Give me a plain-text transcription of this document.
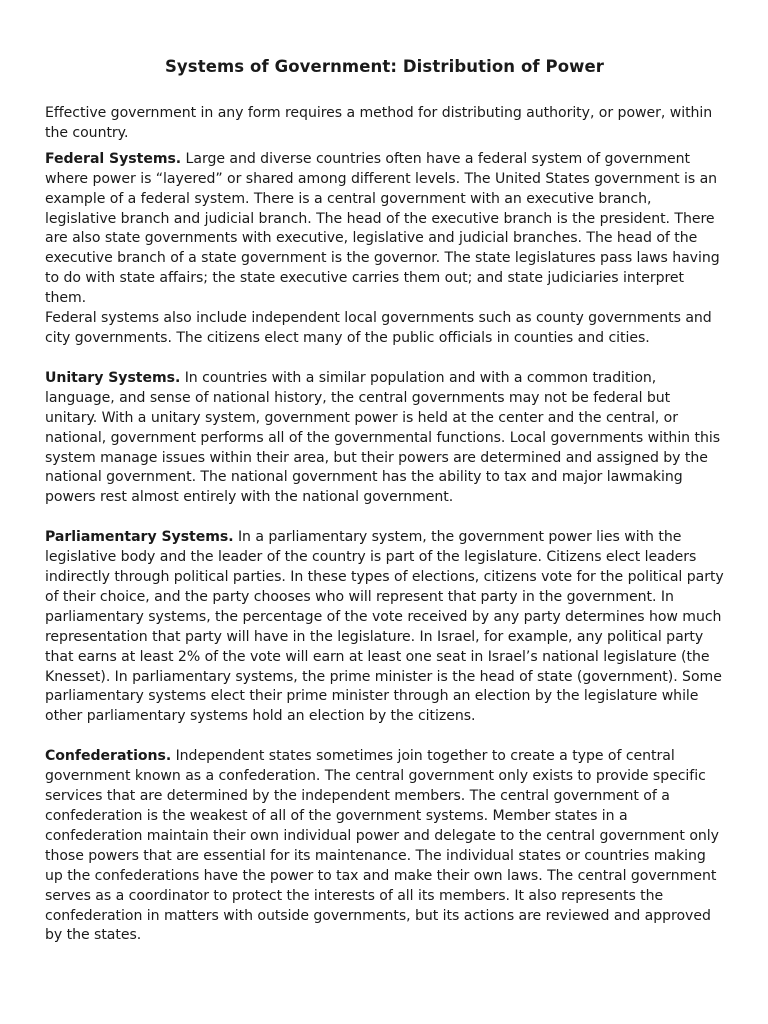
Systems of Government: Distribution of Power

Effective government in any form requires a method for distributing authority, or power, within the country.

Federal Systems. Large and diverse countries often have a federal system of government where power is “layered” or shared among different levels. The United States government is an example of a federal system. There is a central government with an executive branch, legislative branch and judicial branch. The head of the executive branch is the president. There are also state governments with executive, legislative and judicial branches. The head of the executive branch of a state government is the governor. The state legislatures pass laws having to do with state affairs; the state executive carries them out; and state judiciaries interpret them.

Federal systems also include independent local governments such as county governments and city governments. The citizens elect many of the public officials in counties and cities.

Unitary Systems. In countries with a similar population and with a common tradition, language, and sense of national history, the central governments may not be federal but unitary. With a unitary system, government power is held at the center and the central, or national, government performs all of the governmental functions. Local governments within this system manage issues within their area, but their powers are determined and assigned by the national government. The national government has the ability to tax and major lawmaking powers rest almost entirely with the national government.

Parliamentary Systems. In a parliamentary system, the government power lies with the legislative body and the leader of the country is part of the legislature. Citizens elect leaders indirectly through political parties. In these types of elections, citizens vote for the political party of their choice, and the party chooses who will represent that party in the government. In parliamentary systems, the percentage of the vote received by any party determines how much representation that party will have in the legislature. In Israel, for example, any political party that earns at least 2% of the vote will earn at least one seat in Israel’s national legislature (the Knesset). In parliamentary systems, the prime minister is the head of state (government). Some parliamentary systems elect their prime minister through an election by the legislature while other parliamentary systems hold an election by the citizens.

Confederations. Independent states sometimes join together to create a type of central government known as a confederation. The central government only exists to provide specific services that are determined by the independent members. The central government of a confederation is the weakest of all of the government systems. Member states in a confederation maintain their own individual power and delegate to the central government only those powers that are essential for its maintenance. The individual states or countries making up the confederations have the power to tax and make their own laws. The central government serves as a coordinator to protect the interests of all its members. It also represents the confederation in matters with outside governments, but its actions are reviewed and approved by the states.
